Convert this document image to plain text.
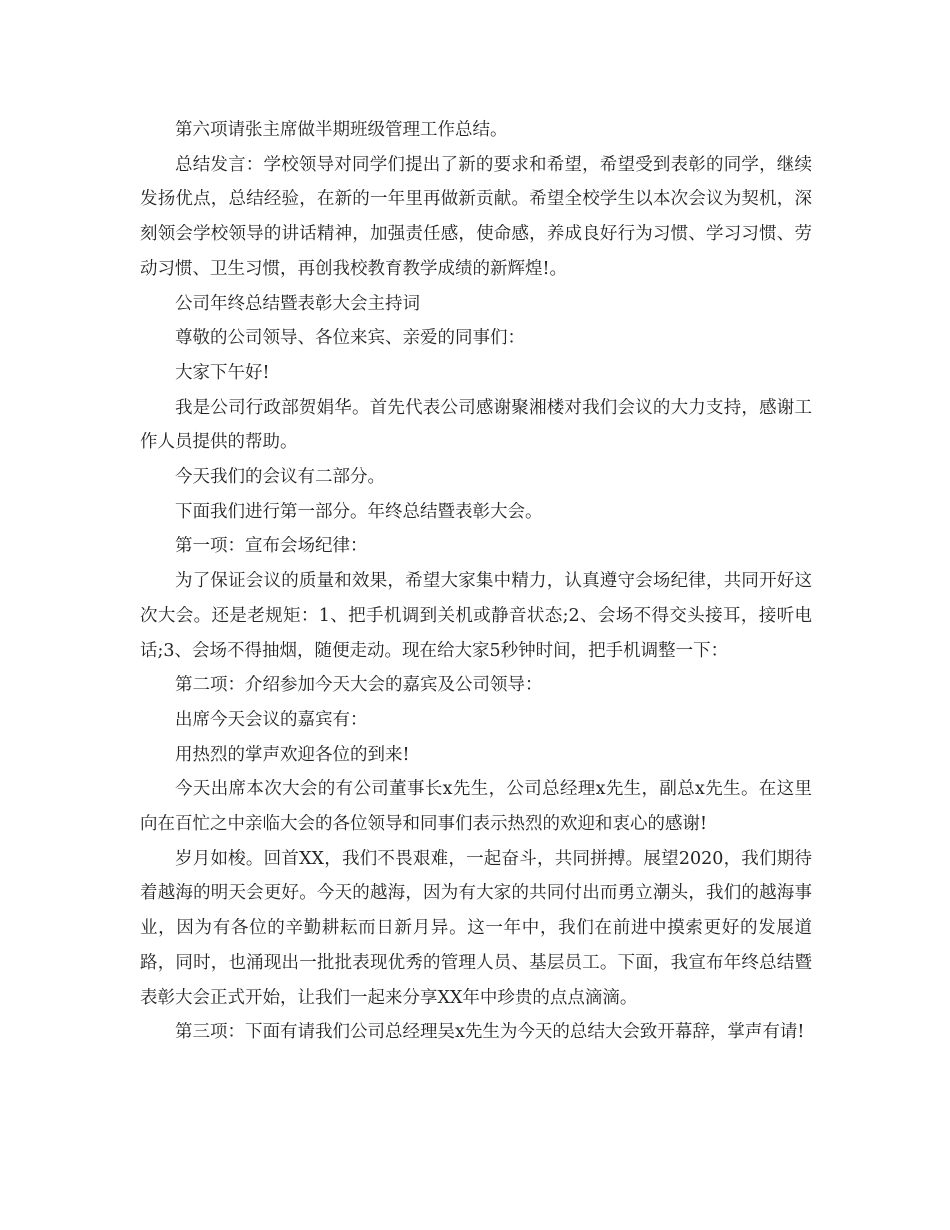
第六项请张主席做半期班级管理工作总结。

总结发言：学校领导对同学们提出了新的要求和希望，希望受到表彰的同学，继续发扬优点，总结经验，在新的一年里再做新贡献。希望全校学生以本次会议为契机，深刻领会学校领导的讲话精神，加强责任感，使命感，养成良好行为习惯、学习习惯、劳动习惯、卫生习惯，再创我校教育教学成绩的新辉煌!。

公司年终总结暨表彰大会主持词

尊敬的公司领导、各位来宾、亲爱的同事们：

大家下午好!

我是公司行政部贺娟华。首先代表公司感谢聚湘楼对我们会议的大力支持，感谢工作人员提供的帮助。

今天我们的会议有二部分。

下面我们进行第一部分。年终总结暨表彰大会。

第一项：宣布会场纪律：

为了保证会议的质量和效果，希望大家集中精力，认真遵守会场纪律，共同开好这次大会。还是老规矩：1、把手机调到关机或静音状态;2、会场不得交头接耳，接听电话;3、会场不得抽烟，随便走动。现在给大家5秒钟时间，把手机调整一下：

第二项：介绍参加今天大会的嘉宾及公司领导：

出席今天会议的嘉宾有：

用热烈的掌声欢迎各位的到来!

今天出席本次大会的有公司董事长x先生，公司总经理x先生，副总x先生。在这里向在百忙之中亲临大会的各位领导和同事们表示热烈的欢迎和衷心的感谢!

岁月如梭。回首XX，我们不畏艰难，一起奋斗，共同拼搏。展望2020，我们期待着越海的明天会更好。今天的越海，因为有大家的共同付出而勇立潮头，我们的越海事业，因为有各位的辛勤耕耘而日新月异。这一年中，我们在前进中摸索更好的发展道路，同时，也涌现出一批批表现优秀的管理人员、基层员工。下面，我宣布年终总结暨表彰大会正式开始，让我们一起来分享XX年中珍贵的点点滴滴。

第三项：下面有请我们公司总经理吴x先生为今天的总结大会致开幕辞，掌声有请!
